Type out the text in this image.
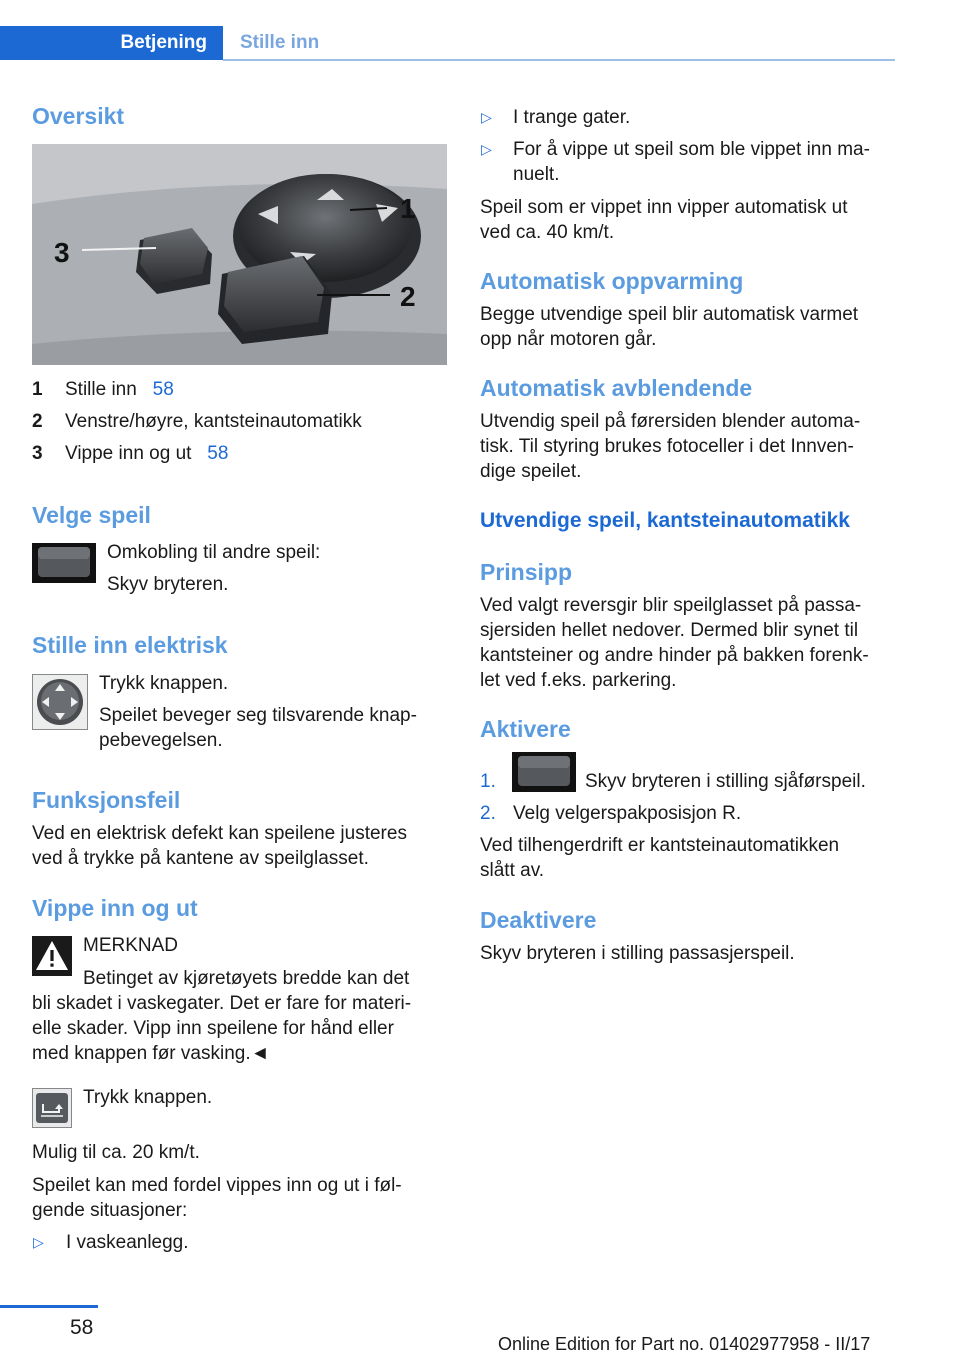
Betjening	Stille inn
Oversikt
1
2
3
1 Stille inn 58
2 Venstre/høyre, kantsteinautomatikk
3 Vippe inn og ut 58
Velge speil
Omkobling til andre speil:
Skyv bryteren.
Stille inn elektrisk
Trykk knappen.
Speilet beveger seg tilsvarende knap-
pebevegelsen.
Funksjonsfeil
Ved en elektrisk defekt kan speilene justeres
ved å trykke på kantene av speilglasset.
Vippe inn og ut
MERKNAD
Betinget av kjøretøyets bredde kan det
bli skadet i vaskegater. Det er fare for materi-
elle skader. Vipp inn speilene for hånd eller
med knappen før vasking.◄
Trykk knappen.
Mulig til ca. 20 km/t.
Speilet kan med fordel vippes inn og ut i føl-
gende situasjoner:
▷ I vaskeanlegg.
▷ I trange gater.
▷ For å vippe ut speil som ble vippet inn ma-
nuelt.
Speil som er vippet inn vipper automatisk ut
ved ca. 40 km/t.
Automatisk oppvarming
Begge utvendige speil blir automatisk varmet
opp når motoren går.
Automatisk avblendende
Utvendig speil på førersiden blender automa-
tisk. Til styring brukes fotoceller i det Innven-
dige speilet.
Utvendige speil, kantsteinautomatikk
Prinsipp
Ved valgt reversgir blir speilglasset på passa-
sjersiden hellet nedover. Dermed blir synet til
kantsteiner og andre hinder på bakken forenk-
let ved f.eks. parkering.
Aktivere
1.	Skyv bryteren i stilling sjåførspeil.
2. Velg velgerspakposisjon R.
Ved tilhengerdrift er kantsteinautomatikken
slått av.
Deaktivere
Skyv bryteren i stilling passasjerspeil.
58
Online Edition for Part no. 01402977958 - II/17
